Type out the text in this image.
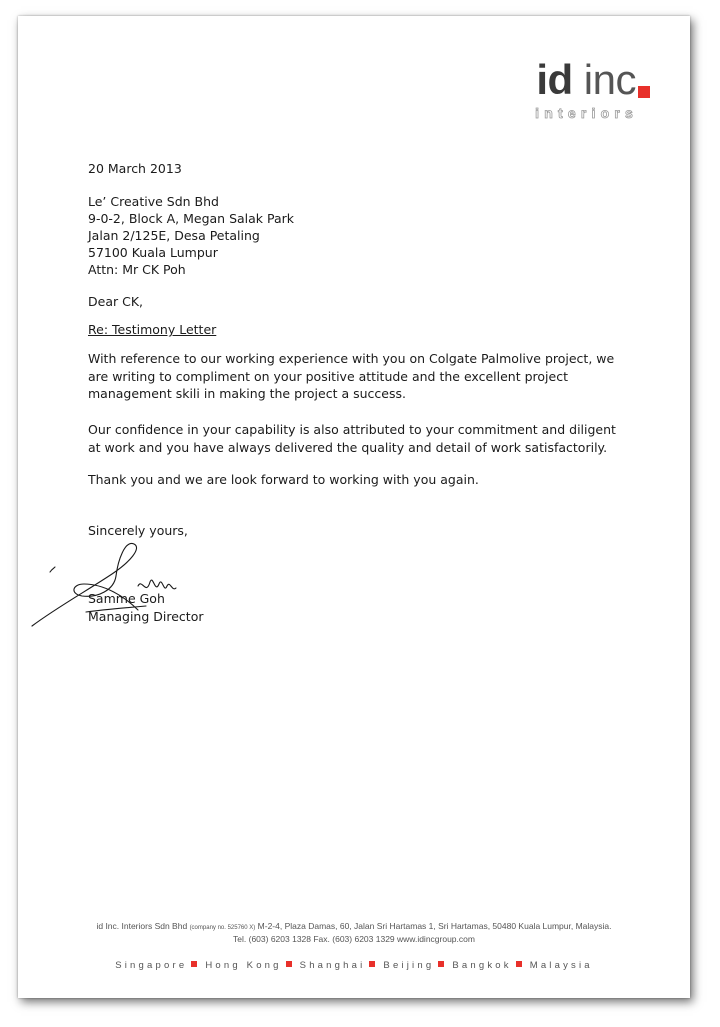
id inc
interiors
20 March 2013
Le’ Creative Sdn Bhd
9-0-2, Block A, Megan Salak Park
Jalan 2/125E, Desa Petaling
57100 Kuala Lumpur
Attn: Mr CK Poh
Dear CK,
Re: Testimony Letter
With reference to our working experience with you on Colgate Palmolive project, we are writing to compliment on your positive attitude and the excellent project management skili in making the project a success.
Our confidence in your capability is also attributed to your commitment and diligent at work and you have always delivered the quality and detail of work satisfactorily.
Thank you and we are look forward to working with you again.
Sincerely yours,
Samme Goh
Managing Director
id Inc. Interiors Sdn Bhd (company no. 525760 X) M-2-4, Plaza Damas, 60, Jalan Sri Hartamas 1, Sri Hartamas, 50480 Kuala Lumpur, Malaysia.
Tel. (603) 6203 1328 Fax. (603) 6203 1329 www.idincgroup.com
Singapore Hong Kong Shanghai Beijing Bangkok Malaysia
